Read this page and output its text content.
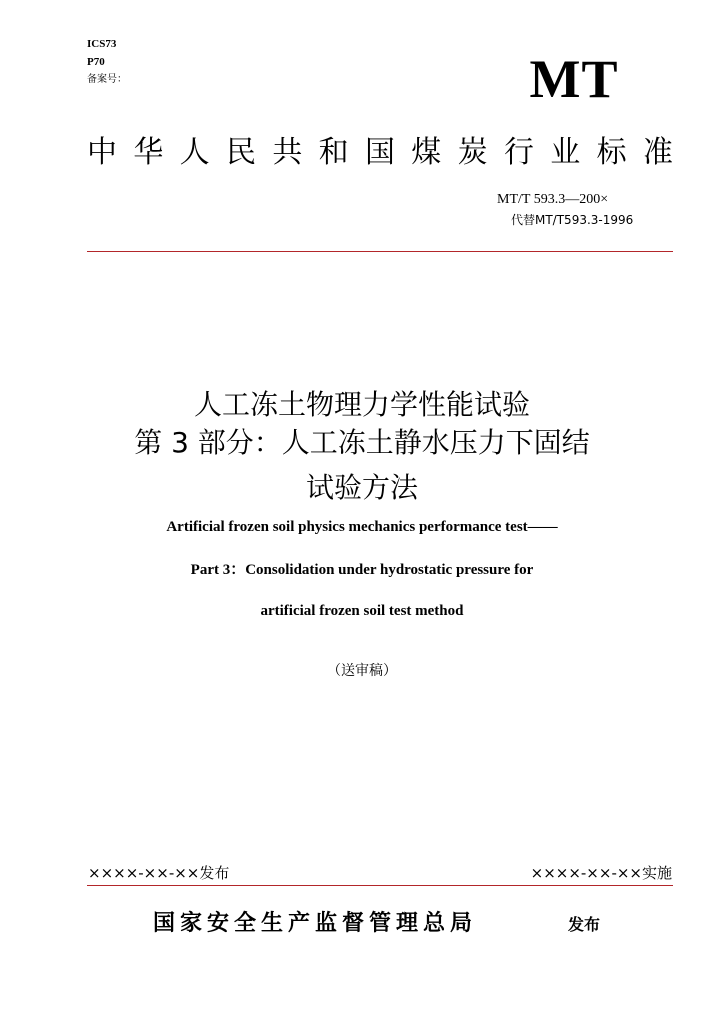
ICS73
P70
备案号：	MT
中 华 人 民 共 和 国 煤 炭 行 业 标 准
MT/T 593.3—200×
代替MT/T593.3-1996
人工冻土物理力学性能试验
第 3 部分：人工冻土静水压力下固结
试验方法
Artificial frozen soil physics mechanics performance test——
Part 3：Consolidation under hydrostatic pressure for
artificial frozen soil test method
（送审稿）
××××-××-××发布	××××-××-××实施
国家安全生产监督管理总局	发布
